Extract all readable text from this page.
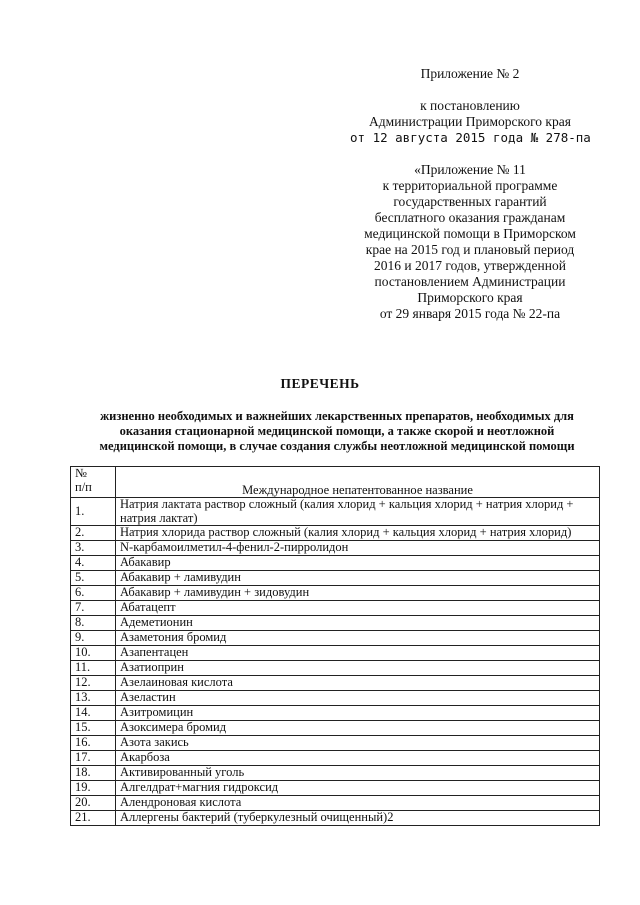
Приложение № 2
к постановлению
Администрации Приморского края
от 12 августа 2015 года № 278-па
«Приложение № 11
к территориальной программе
государственных гарантий
бесплатного оказания гражданам
медицинской помощи в Приморском
крае на 2015 год и плановый период
2016 и 2017 годов, утвержденной
постановлением Администрации
Приморского края
от 29 января 2015 года № 22-па
ПЕРЕЧЕНЬ
жизненно необходимых и важнейших лекарственных препаратов, необходимых для
оказания стационарной медицинской помощи, а также скорой и неотложной
медицинской помощи, в случае создания службы неотложной медицинской помощи
№
п/п	Международное непатентованное название
1.	Натрия лактата раствор сложный (калия хлорид + кальция хлорид + натрия хлорид + натрия лактат)
2.	Натрия хлорида раствор сложный (калия хлорид + кальция хлорид + натрия хлорид)
3.	N-карбамоилметил-4-фенил-2-пирролидон
4.	Абакавир
5.	Абакавир + ламивудин
6.	Абакавир + ламивудин + зидовудин
7.	Абатацепт
8.	Адеметионин
9.	Азаметония бромид
10.	Азапентацен
11.	Азатиоприн
12.	Азелаиновая кислота
13.	Азеластин
14.	Азитромицин
15.	Азоксимера бромид
16.	Азота закись
17.	Акарбоза
18.	Активированный уголь
19.	Алгелдрат+магния гидроксид
20.	Алендроновая кислота
21.	Аллергены бактерий (туберкулезный очищенный)2
